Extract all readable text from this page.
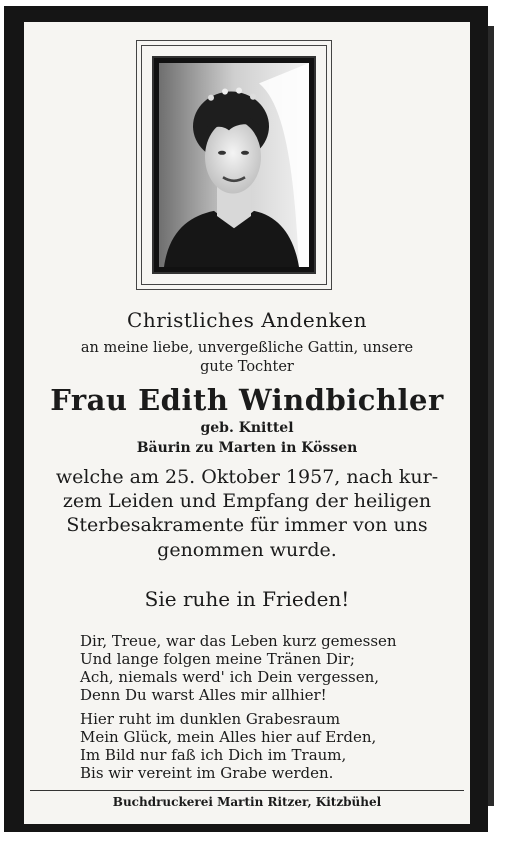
Christliches Andenken
an meine liebe, unvergeßliche Gattin, unsere
gute Tochter
Frau Edith Windbichler
geb. Knittel
Bäurin zu Marten in Kössen
welche am 25. Oktober 1957, nach kur-
zem Leiden und Empfang der heiligen
Sterbesakramente für immer von uns
genommen wurde.
Sie ruhe in Frieden!
Dir, Treue, war das Leben kurz gemessen
Und lange folgen meine Tränen Dir;
Ach, niemals werd' ich Dein vergessen,
Denn Du warst Alles mir allhier!
Hier ruht im dunklen Grabesraum
Mein Glück, mein Alles hier auf Erden,
Im Bild nur faß ich Dich im Traum,
Bis wir vereint im Grabe werden.
Buchdruckerei Martin Ritzer, Kitzbühel
